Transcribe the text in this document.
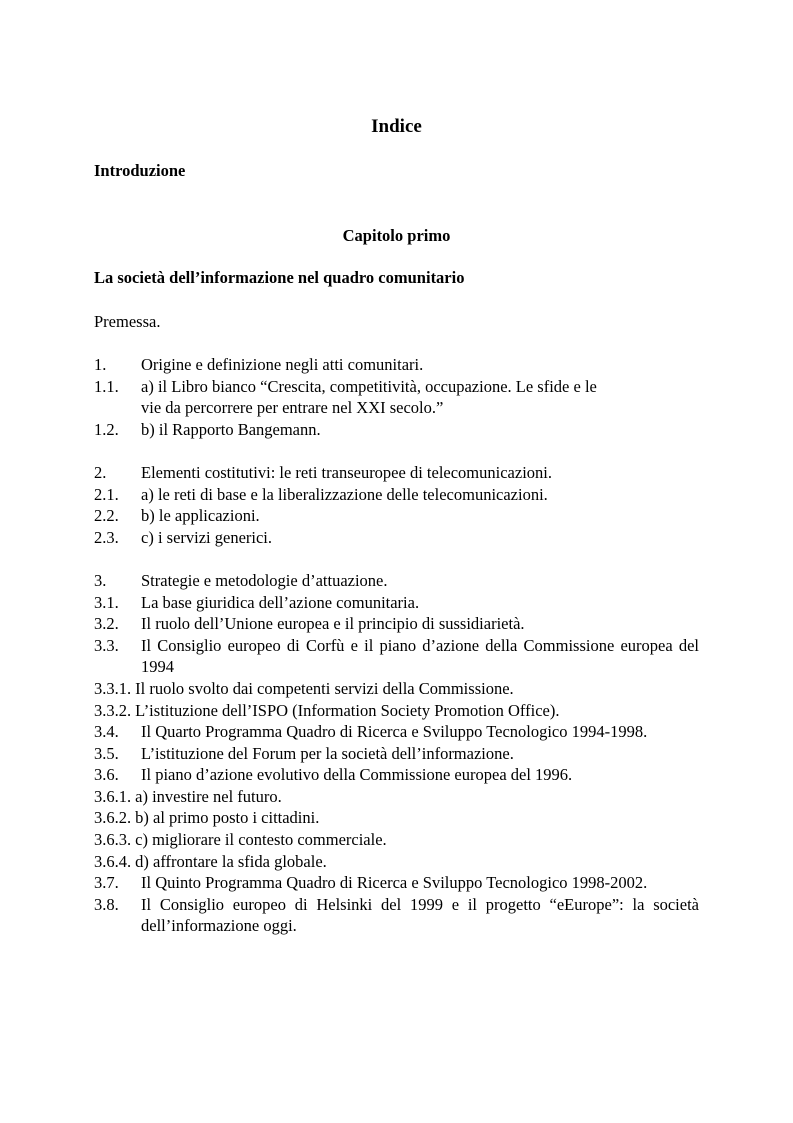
Indice
Introduzione
Capitolo primo
La società dell’informazione nel quadro comunitario
Premessa.
1.	Origine e definizione negli atti comunitari.
1.1.	a) il Libro bianco “Crescita, competitività, occupazione. Le sfide e le vie da percorrere per entrare nel XXI secolo.”
1.2.	b) il Rapporto Bangemann.
2.	Elementi costitutivi: le reti transeuropee di telecomunicazioni.
2.1.	a) le reti di base e la liberalizzazione delle telecomunicazioni.
2.2.	b) le applicazioni.
2.3.	c) i servizi generici.
3.	Strategie e metodologie d’attuazione.
3.1.	La base giuridica dell’azione comunitaria.
3.2.	Il ruolo dell’Unione europea e il principio di sussidiarietà.
3.3.	Il Consiglio europeo di Corfù e il piano d’azione della Commissione europea del 1994
3.3.1. Il ruolo svolto dai competenti servizi della Commissione.
3.3.2. L’istituzione dell’ISPO (Information Society Promotion Office).
3.4.	Il Quarto Programma Quadro di Ricerca e Sviluppo Tecnologico 1994-1998.
3.5.	L’istituzione del Forum per la società dell’informazione.
3.6.	Il piano d’azione evolutivo della Commissione europea del 1996.
3.6.1. a) investire nel futuro.
3.6.2. b) al primo posto i cittadini.
3.6.3. c) migliorare il contesto commerciale.
3.6.4. d) affrontare la sfida globale.
3.7.	Il Quinto Programma Quadro di Ricerca e Sviluppo Tecnologico 1998-2002.
3.8.	Il Consiglio europeo di Helsinki del 1999 e il progetto “eEurope”: la società dell’informazione oggi.
